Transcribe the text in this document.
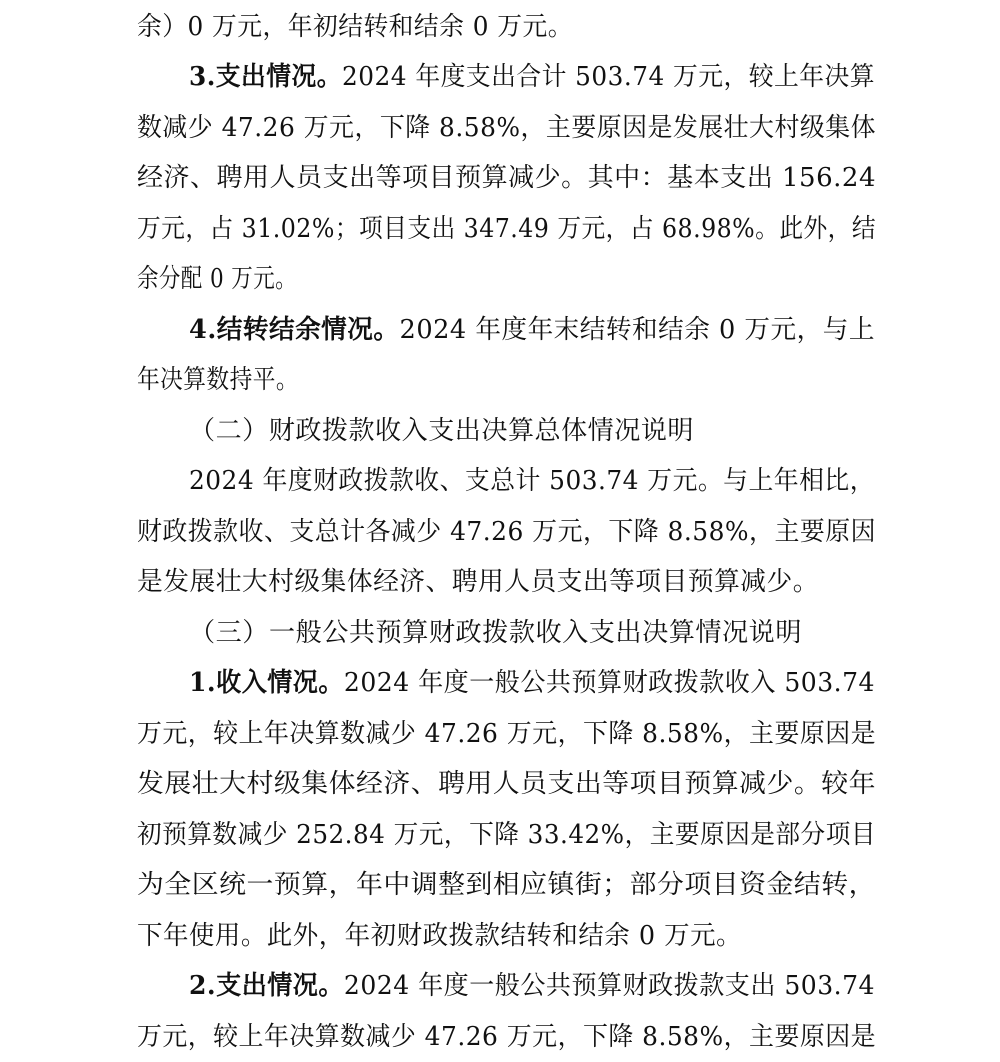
余）0 万元，年初结转和结余 0 万元。
3.支出情况。2024 年度支出合计 503.74 万元，较上年决算
数减少 47.26 万元，下降 8.58%，主要原因是发展壮大村级集体
经济、聘用人员支出等项目预算减少。其中：基本支出 156.24
万元，占 31.02%；项目支出 347.49 万元，占 68.98%。此外，结
余分配 0 万元。
4.结转结余情况。2024 年度年末结转和结余 0 万元，与上
年决算数持平。
（二）财政拨款收入支出决算总体情况说明
2024 年度财政拨款收、支总计 503.74 万元。与上年相比，
财政拨款收、支总计各减少 47.26 万元，下降 8.58%，主要原因
是发展壮大村级集体经济、聘用人员支出等项目预算减少。
（三）一般公共预算财政拨款收入支出决算情况说明
1.收入情况。2024 年度一般公共预算财政拨款收入 503.74
万元，较上年决算数减少 47.26 万元，下降 8.58%，主要原因是
发展壮大村级集体经济、聘用人员支出等项目预算减少。较年
初预算数减少 252.84 万元，下降 33.42%，主要原因是部分项目
为全区统一预算，年中调整到相应镇街；部分项目资金结转，
下年使用。此外，年初财政拨款结转和结余 0 万元。
2.支出情况。2024 年度一般公共预算财政拨款支出 503.74
万元，较上年决算数减少 47.26 万元，下降 8.58%，主要原因是
